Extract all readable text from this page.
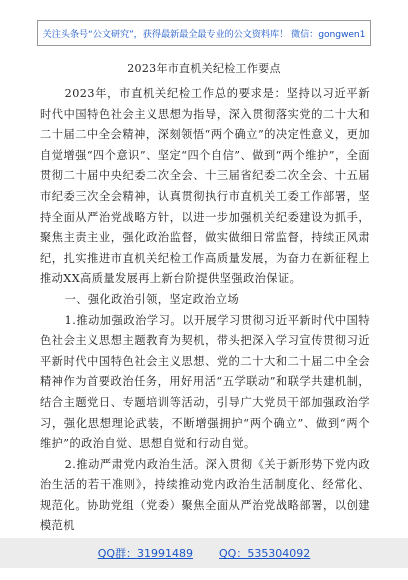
关注头条号“公文研究”，获得最新最全最专业的公文资料库！ 微信：gongwen1
2023年市直机关纪检工作要点

2023年，市直机关纪检工作总的要求是：坚持以习近平新时代中国特色社会主义思想为指导，深入贯彻落实党的二十大和二十届二中全会精神，深刻领悟“两个确立”的决定性意义，更加自觉增强“四个意识”、坚定“四个自信”、做到“两个维护”，全面贯彻二十届中央纪委二次全会、十三届省纪委二次全会、十五届市纪委三次全会精神，认真贯彻执行市直机关工委工作部署，坚持全面从严治党战略方针，以进一步加强机关纪委建设为抓手，聚焦主责主业，强化政治监督，做实做细日常监督，持续正风肃纪，扎实推进市直机关纪检工作高质量发展，为奋力在新征程上推动XX高质量发展再上新台阶提供坚强政治保证。

一、强化政治引领，坚定政治立场

1.推动加强政治学习。以开展学习贯彻习近平新时代中国特色社会主义思想主题教育为契机，带头把深入学习宣传贯彻习近平新时代中国特色社会主义思想、党的二十大和二十届二中全会精神作为首要政治任务，用好用活“五学联动”和联学共建机制，结合主题党日、专题培训等活动，引导广大党员干部加强政治学习，强化思想理论武装，不断增强拥护“两个确立”、做到“两个维护”的政治自觉、思想自觉和行动自觉。

2.推动严肃党内政治生活。深入贯彻《关于新形势下党内政治生活的若干准则》，持续推动党内政治生活制度化、经常化、规范化。协助党组（党委）聚焦全面从严治党战略部署，以创建模范机

QQ群：31991489 QQ：535304092
